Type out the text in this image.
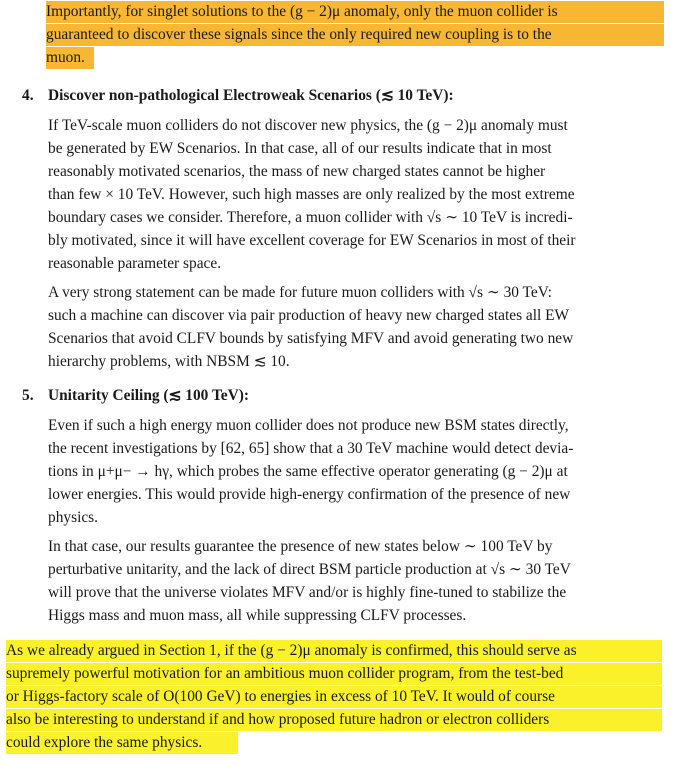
Importantly, for singlet solutions to the (g − 2)μ anomaly, only the muon collider is
guaranteed to discover these signals since the only required new coupling is to the
muon.
4. Discover non-pathological Electroweak Scenarios (≲ 10 TeV):
If TeV-scale muon colliders do not discover new physics, the (g − 2)μ anomaly must
be generated by EW Scenarios. In that case, all of our results indicate that in most
reasonably motivated scenarios, the mass of new charged states cannot be higher
than few × 10 TeV. However, such high masses are only realized by the most extreme
boundary cases we consider. Therefore, a muon collider with √s ∼ 10 TeV is incredi-
bly motivated, since it will have excellent coverage for EW Scenarios in most of their
reasonable parameter space.
A very strong statement can be made for future muon colliders with √s ∼ 30 TeV:
such a machine can discover via pair production of heavy new charged states all EW
Scenarios that avoid CLFV bounds by satisfying MFV and avoid generating two new
hierarchy problems, with NBSM ≲ 10.
5. Unitarity Ceiling (≲ 100 TeV):
Even if such a high energy muon collider does not produce new BSM states directly,
the recent investigations by [62, 65] show that a 30 TeV machine would detect devia-
tions in μ+μ− → hγ, which probes the same effective operator generating (g − 2)μ at
lower energies. This would provide high-energy confirmation of the presence of new
physics.
In that case, our results guarantee the presence of new states below ∼ 100 TeV by
perturbative unitarity, and the lack of direct BSM particle production at √s ∼ 30 TeV
will prove that the universe violates MFV and/or is highly fine-tuned to stabilize the
Higgs mass and muon mass, all while suppressing CLFV processes.
As we already argued in Section 1, if the (g − 2)μ anomaly is confirmed, this should serve as
supremely powerful motivation for an ambitious muon collider program, from the test-bed
or Higgs-factory scale of O(100 GeV) to energies in excess of 10 TeV. It would of course
also be interesting to understand if and how proposed future hadron or electron colliders
could explore the same physics.
